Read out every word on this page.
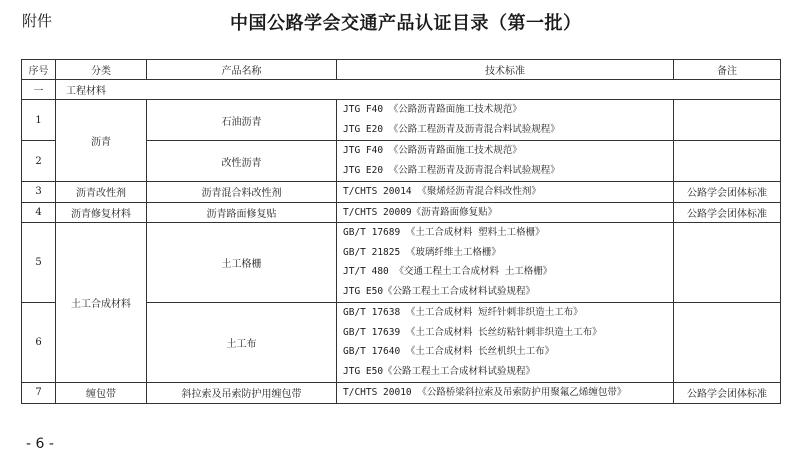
附件	中国公路学会交通产品认证目录（第一批）
序号	分类	产品名称	技术标准	备注
一	工程材料			
1	沥青	石油沥青	JTG F40 《公路沥青路面施工技术规范》
JTG E20 《公路工程沥青及沥青混合料试验规程》	

2		改性沥青	JTG F40 《公路沥青路面施工技术规范》
JTG E20 《公路工程沥青及沥青混合料试验规程》	

3	沥青改性剂	沥青混合料改性剂	T/CHTS 20014 《聚烯烃沥青混合料改性剂》	公路学会团体标准
4	沥青修复材料	沥青路面修复贴	T/CHTS 20009《沥青路面修复贴》	公路学会团体标准
5	土工合成材料	土工格栅	GB/T 17689 《土工合成材料 塑料土工格栅》
GB/T 21825 《玻璃纤维土工格栅》
JT/T 480 《交通工程土工合成材料 土工格栅》
JTG E50《公路工程土工合成材料试验规程》	

6		土工布	GB/T 17638 《土工合成材料 短纤针刺非织造土工布》
GB/T 17639 《土工合成材料 长丝纺粘针刺非织造土工布》
GB/T 17640 《土工合成材料 长丝机织土工布》
JTG E50《公路工程土工合成材料试验规程》	

7	缠包带	斜拉索及吊索防护用缠包带	T/CHTS 20010 《公路桥梁斜拉索及吊索防护用聚氟乙烯缠包带》	公路学会团体标准
- 6 -
